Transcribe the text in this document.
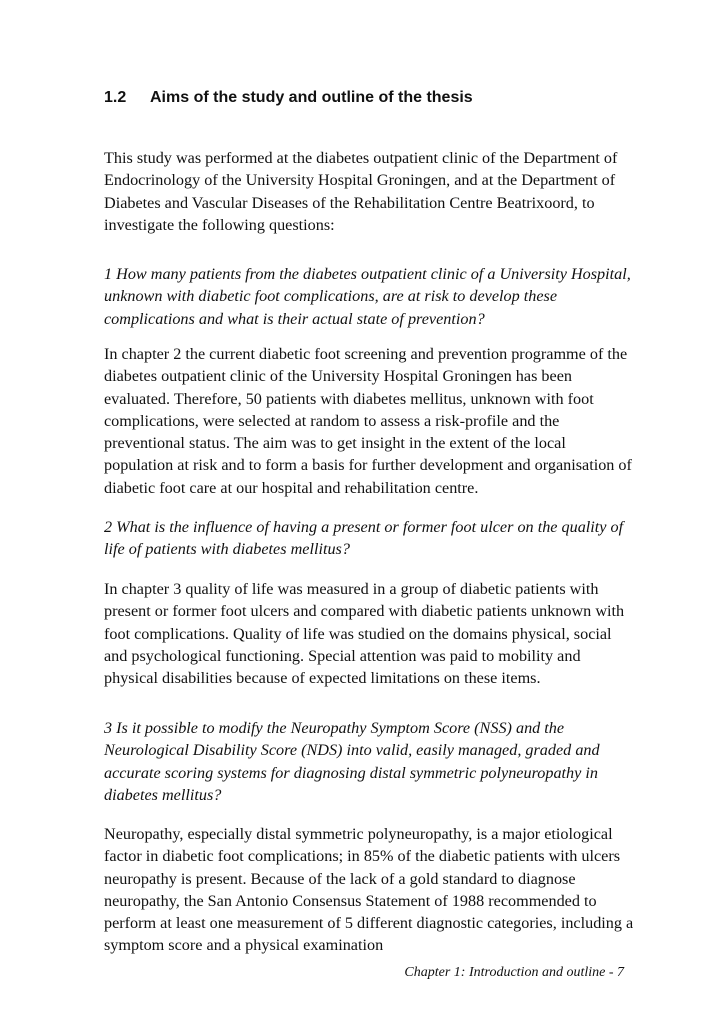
1.2 Aims of the study and outline of the thesis

This study was performed at the diabetes outpatient clinic of the Department of Endocrinology of the University Hospital Groningen, and at the Department of Diabetes and Vascular Diseases of the Rehabilitation Centre Beatrixoord, to investigate the following questions:

1 How many patients from the diabetes outpatient clinic of a University Hospital, unknown with diabetic foot complications, are at risk to develop these complications and what is their actual state of prevention?

In chapter 2 the current diabetic foot screening and prevention programme of the diabetes outpatient clinic of the University Hospital Groningen has been evaluated. Therefore, 50 patients with diabetes mellitus, unknown with foot complications, were selected at random to assess a risk-profile and the preventional status. The aim was to get insight in the extent of the local population at risk and to form a basis for further development and organisation of diabetic foot care at our hospital and rehabilitation centre.

2 What is the influence of having a present or former foot ulcer on the quality of life of patients with diabetes mellitus?

In chapter 3 quality of life was measured in a group of diabetic patients with present or former foot ulcers and compared with diabetic patients unknown with foot complications. Quality of life was studied on the domains physical, social and psychological functioning. Special attention was paid to mobility and physical disabilities because of expected limitations on these items.

3 Is it possible to modify the Neuropathy Symptom Score (NSS) and the Neurological Disability Score (NDS) into valid, easily managed, graded and accurate scoring systems for diagnosing distal symmetric polyneuropathy in diabetes mellitus?

Neuropathy, especially distal symmetric polyneuropathy, is a major etiological factor in diabetic foot complications; in 85% of the diabetic patients with ulcers neuropathy is present. Because of the lack of a gold standard to diagnose neuropathy, the San Antonio Consensus Statement of 1988 recommended to perform at least one measurement of 5 different diagnostic categories, including a symptom score and a physical examination

Chapter 1: Introduction and outline - 7
